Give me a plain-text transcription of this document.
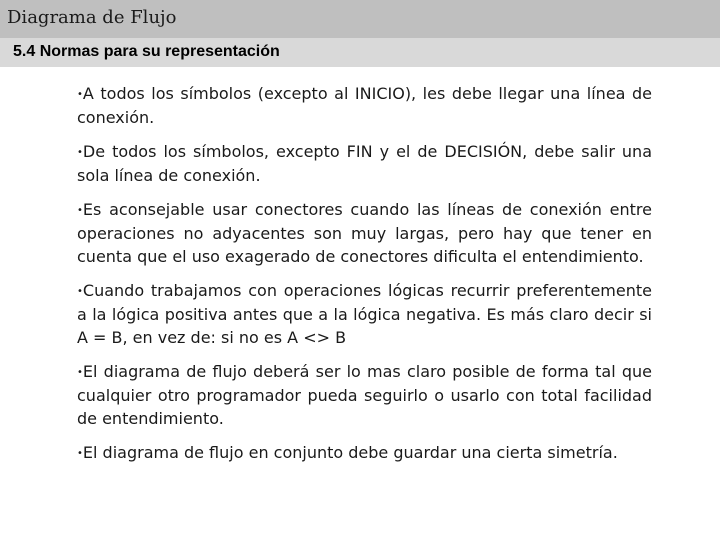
Diagrama de Flujo
5.4 Normas para su representación

•A todos los símbolos (excepto al INICIO), les debe llegar una línea de conexión.

•De todos los símbolos, excepto FIN y el de DECISIÓN, debe salir una sola línea de conexión.

•Es aconsejable usar conectores cuando las líneas de conexión entre operaciones no adyacentes son muy largas, pero hay que tener en cuenta que el uso exagerado de conectores dificulta el entendimiento.

•Cuando trabajamos con operaciones lógicas recurrir preferentemente a la lógica positiva antes que a la lógica negativa. Es más claro decir si A = B, en vez de: si no es A <> B

•El diagrama de flujo deberá ser lo mas claro posible de forma tal que cualquier otro programador pueda seguirlo o usarlo con total facilidad de entendimiento.

•El diagrama de flujo en conjunto debe guardar una cierta simetría.
